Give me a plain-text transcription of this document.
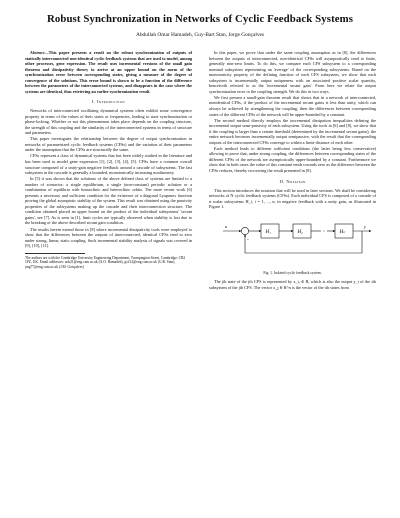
Robust Synchronization in Networks of Cyclic Feedback Systems
Abdullah Omar Hamadeh, Guy-Bart Stan, Jorge Gonçalves

Abstract—This paper presents a result on the robust synchronization of outputs of statically interconnected non-identical cyclic feedback systems that are used to model, among other processes, gene expression. The result uses incremental versions of the small gain theorem and dissipativity theory to arrive at an upper bound on the norm of the synchronization error between corresponding states, giving a measure of the degree of convergence of the solutions. This error bound is shown to be a function of the difference between the parameters of the interconnected systems, and disappears in the case where the systems are identical, thus retrieving an earlier synchronization result.

I. Introduction

Networks of interconnected oscillating dynamical systems often exhibit some convergence property in terms of the values of their states or frequencies, leading to state synchronization or phase-locking. Whether or not this phenomenon takes place depends on the coupling structure, the strength of this coupling and the similarity of the interconnected systems in terms of structure and parameters.

This paper investigates the relationship between the degree of output synchronization in networks of parametrized cyclic feedback systems (CFSs) and the variation of their parameters under the assumption that the CFSs are structurally the same.

CFSs represent a class of dynamical systems that has been widely studied in the literature and has been used to model gene expression [1], [2], [3], [4], [5]. CFSs have a common overall structure composed of a unity-gain negative feedback around a cascade of subsystems. The last subsystem in the cascade is generally a bounded, monotonically increasing nonlinearity.

In [5] it was shown that the solutions of the above defined class of systems are limited to a number of scenarios: a single equilibrium, a single (non-constant) periodic solution or a combination of equilibria with homoclinic and heteroclinic orbits. The more recent work [6] presents a necessary and sufficient condition for the existence of a diagonal Lyapunov function proving the global asymptotic stability of the system. This result was obtained using the passivity properties of the subsystems making up the cascade and their interconnection structure. The condition obtained placed an upper bound on the product of the individual subsystems' 'secant gains', see [7]. As is seen in [1], limit cycles are typically observed when stability is lost due to the breaking of the above described secant gain condition.

The results herein extend those in [8] where incremental dissipativity tools were employed to show that the differences between the outputs of interconnected, identical CFSs tend to zero under strong, linear, static coupling. Such incremental stability analysis of signals was covered in [9], [10], [11].

The authors are with the Cambridge University Engineering Department, Trumpington Street, Cambridge, CB2 1PZ, UK. Email addresses: aoh21@eng.cam.ac.uk (A.O. Hamadeh), gs212@eng.cam.ac.uk (G.B. Stan), jmg77@eng.cam.ac.uk (J.M. Gonçalves)

In this paper, we prove that under the same coupling assumption as in [8], the differences between the outputs of interconnected, non-identical CFSs will asymptotically tend to finite, generally non-zero limits. To do this, we compare each CFS subsystem to a corresponding nominal subsystem representing an 'average' of the corresponding subsystems. Based on the monotonicity property of the defining function of each CFS subsystem, we show that each subsystem is incrementally output uniqueness with an associated positive scalar quantity, henceforth referred to as the 'incremental secant gain'. From here we relate the output synchronization error to the coupling strength. We do this in two ways.

We first present a small-gain theorem result that shows that in a network of interconnected, nonidentical CFSs, if the product of the incremental secant gains is less than unity, which can always be achieved by strengthening the coupling, then the differences between corresponding states of the different CFSs of the network will be upper-bounded by a constant.

The second method directly employs the incremental dissipation inequalities defining the incremental output semi-passivity of each subsystem. Using the tools in [6] and [8], we show that if the coupling is larger than a certain threshold (determined by the incremental secant gains), the entire network becomes incrementally output semipassive, with the result that the corresponding outputs of the interconnected CFSs converge to within a finite distance of each other.

Each method leads to different sufficient conditions (the latter being less conservative) allowing to prove that, under strong coupling, the differences between corresponding states of the different CFSs of the network are asymptotically upper-bounded by a constant. Furthermore we show that in both cases the value of this constant tends towards zero as the difference between the CFSs reduces, thereby recovering the result presented in [8].

II. Notation

This section introduces the notation that will be used in later sections. We shall be considering networks of N cyclic feedback systems (CFSs). Each individual CFS is composed of a cascade of n scalar subsystems H_i, i = 1, ..., n, in negative feedback with a unity gain, as illustrated in Figure 1.

u
-
H₁	H₂	Hₙ
y
Fig. 1. Isolated cyclic feedback system.

The jth state of the jth CFS is represented by x_i, ∈ R, which is also the output y_i of the ith subsystem of the jth CFS. The vector x_j ∈ R^n is the vector of the ith states from
